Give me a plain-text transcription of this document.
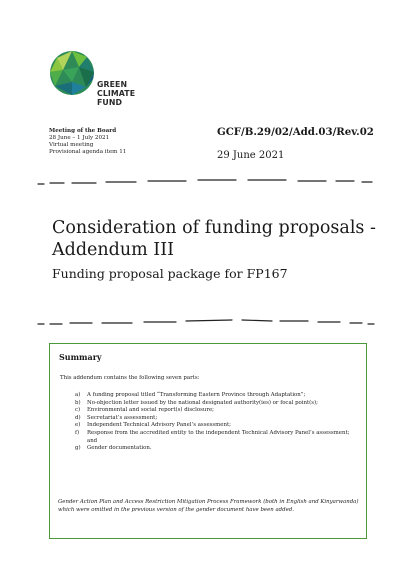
GREEN
CLIMATE
FUND
Meeting of the Board
28 June – 1 July 2021
Virtual meeting
Provisional agenda item 11
GCF/B.29/02/Add.03/Rev.02
29 June 2021
Consideration of funding proposals - Addendum III
Funding proposal package for FP167
Summary
This addendum contains the following seven parts:
a)	A funding proposal titled “Transforming Eastern Province through Adaptation”;
b)	No-objection letter issued by the national designated authority(ies) or focal point(s);
c)	Environmental and social report(s) disclosure;
d)	Secretariat’s assessment;
e)	Independent Technical Advisory Panel’s assessment;
f)	Response from the accredited entity to the independent Technical Advisory Panel’s assessment; and
g)	Gender documentation.
Gender Action Plan and Access Restriction Mitigation Process Framework (both in English and Kinyarwanda) which were omitted in the previous version of the gender document have been added.
